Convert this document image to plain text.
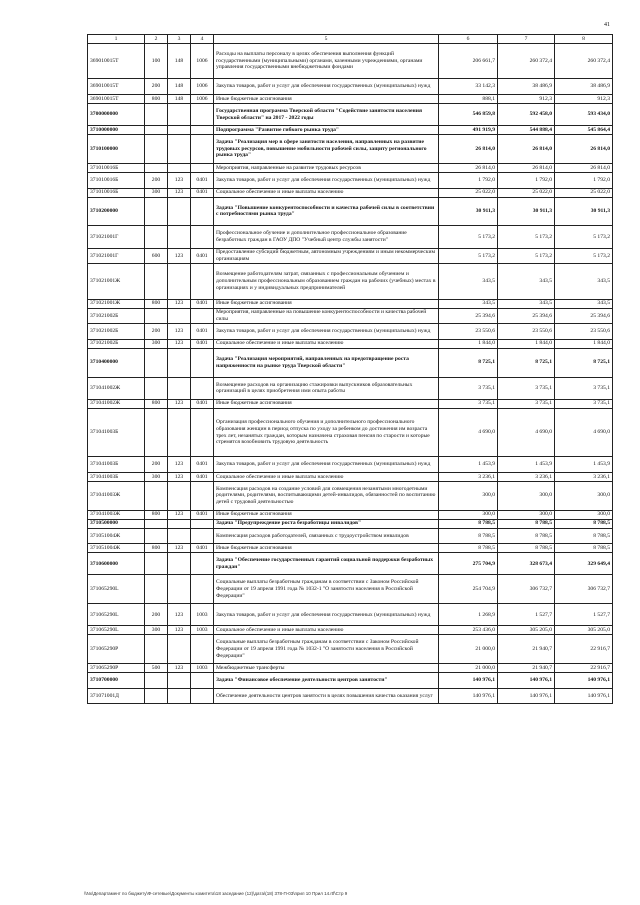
41
1	2	3	4	5	6	7	8
369010015Т	100	148	1006	Расходы на выплаты персоналу в целях обеспечения выполнения функций государственными (муниципальными) органами, казенными учреждениями, органами управления государственными внебюджетными фондами	206 661,7	260 372,4	260 372,4
369010015Т	200	148	1006	Закупка товаров, работ и услуг для обеспечения государственных (муниципальных) нужд	33 142,3	38 486,9	38 486,9
369010015Т	800	148	1006	Иные бюджетные ассигнования	888,1	912,3	912,3
3700000000				Государственная программа Тверской области "Содействие занятости населения Тверской области" на 2017 - 2022 годы	546 859,8	592 458,0	593 434,0
3710000000				Подпрограмма "Развитие гибкого рынка труда"	491 919,9	544 888,4	545 864,4
3710100000				Задача "Реализация мер в сфере занятости населения, направленных на развитие трудовых ресурсов, повышение мобильности рабочей силы, защиту регионального рынка труда"	26 814,0	26 814,0	26 814,0
371010016Б				Мероприятия, направленные на развитие трудовых ресурсов	26 814,0	26 814,0	26 814,0
371010016Б	200	123	0401	Закупка товаров, работ и услуг для обеспечения государственных (муниципальных) нужд	1 792,0	1 792,0	1 792,0
371010016Б	300	123	0401	Социальное обеспечение и иные выплаты населению	25 022,0	25 022,0	25 022,0
3710200000				Задача "Повышение конкурентоспособности и качества рабочей силы в соответствии с потребностями рынка труда"	30 911,3	30 911,3	30 911,3
371021001Г				Профессиональное обучение и дополнительное профессиональное образование безработных граждан в ГАОУ ДПО "Учебный центр службы занятости"	5 173,2	5 173,2	5 173,2
371021001Г	600	123	0401	Предоставление субсидий бюджетным, автономным учреждениям и иным некоммерческим организациям	5 173,2	5 173,2	5 173,2
371021001Ж				Возмещение работодателям затрат, связанных с профессиональным обучением и дополнительным профессиональным образованием граждан на рабочих (учебных) местах в организациях и у индивидуальных предпринимателей	343,5	343,5	343,5
371021001Ж	800	123	0401	Иные бюджетные ассигнования	343,5	343,5	343,5
371021002Б				Мероприятия, направленные на повышение конкурентоспособности и качества рабочей силы	25 394,6	25 394,6	25 394,6
371021002Б	200	123	0401	Закупка товаров, работ и услуг для обеспечения государственных (муниципальных) нужд	23 550,6	23 550,6	23 550,6
371021002Б	300	123	0401	Социальное обеспечение и иные выплаты населению	1 844,0	1 844,0	1 844,0
3710400000				Задача "Реализация мероприятий, направленных на предотвращение роста напряженности на рынке труда Тверской области"	8 725,1	8 725,1	8 725,1
371041002Ж				Возмещение расходов на организацию стажировки выпускников образовательных организаций в целях приобретения ими опыта работы	3 735,1	3 735,1	3 735,1
371041002Ж	800	123	0401	Иные бюджетные ассигнования	3 735,1	3 735,1	3 735,1
371041003Б				Организация профессионального обучения и дополнительного профессионального образования женщин в период отпуска по уходу за ребенком до достижения им возраста трех лет, незанятых граждан, которым назначена страховая пенсия по старости и которые стремятся возобновить трудовую деятельность	4 690,0	4 690,0	4 690,0
371041003Б	200	123	0401	Закупка товаров, работ и услуг для обеспечения государственных (муниципальных) нужд	1 453,9	1 453,9	1 453,9
371041003Б	300	123	0401	Социальное обеспечение и иные выплаты населению	3 236,1	3 236,1	3 236,1
371041003Ж				Компенсация расходов на создание условий для совмещения незанятыми многодетными родителями, родителями, воспитывающими детей-инвалидов, обязанностей по воспитанию детей с трудовой деятельностью	300,0	300,0	300,0
371041003Ж	800	123	0401	Иные бюджетные ассигнования	300,0	300,0	300,0
3710500000				Задача "Предупреждение роста безработицы инвалидов"	8 788,5	8 788,5	8 788,5
371051004Ж				Компенсация расходов работодателей, связанных с трудоустройством инвалидов	8 788,5	8 788,5	8 788,5
371051004Ж	800	123	0401	Иные бюджетные ассигнования	8 788,5	8 788,5	8 788,5
3710600000				Задача "Обеспечение государственных гарантий социальной поддержки безработных граждан"	275 704,9	328 673,4	329 649,4
371065290L				Социальные выплаты безработным гражданам в соответствии с Законом Российской Федерации от 19 апреля 1991 года № 1032-1 "О занятости населения в Российской Федерации"	254 704,9	306 732,7	306 732,7
371065290L	200	123	1003	Закупка товаров, работ и услуг для обеспечения государственных (муниципальных) нужд	1 268,9	1 527,7	1 527,7
371065290L	300	123	1003	Социальное обеспечение и иные выплаты населению	253 436,0	305 205,0	305 205,0
371065290Р				Социальные выплаты безработным гражданам в соответствии с Законом Российской Федерации от 19 апреля 1991 года № 1032-1 "О занятости населения в Российской Федерации"	21 000,0	21 940,7	22 916,7
371065290Р	500	123	1003	Межбюджетные трансферты	21 000,0	21 940,7	22 916,7
3710700000				Задача "Финансовое обеспечение деятельности центров занятости"	140 976,1	140 976,1	140 976,1
371071001Д				Обеспечение деятельности центров занятости в целях повышения качества оказания услуг	140 976,1	140 976,1	140 976,1
\\Nx\Департамент по бюджету\Ф-сетевые\Документы комитета\18 заседание (12)\дата\(18) 378-П-03\прил 10 Прил 14.rtf\Стр 9
